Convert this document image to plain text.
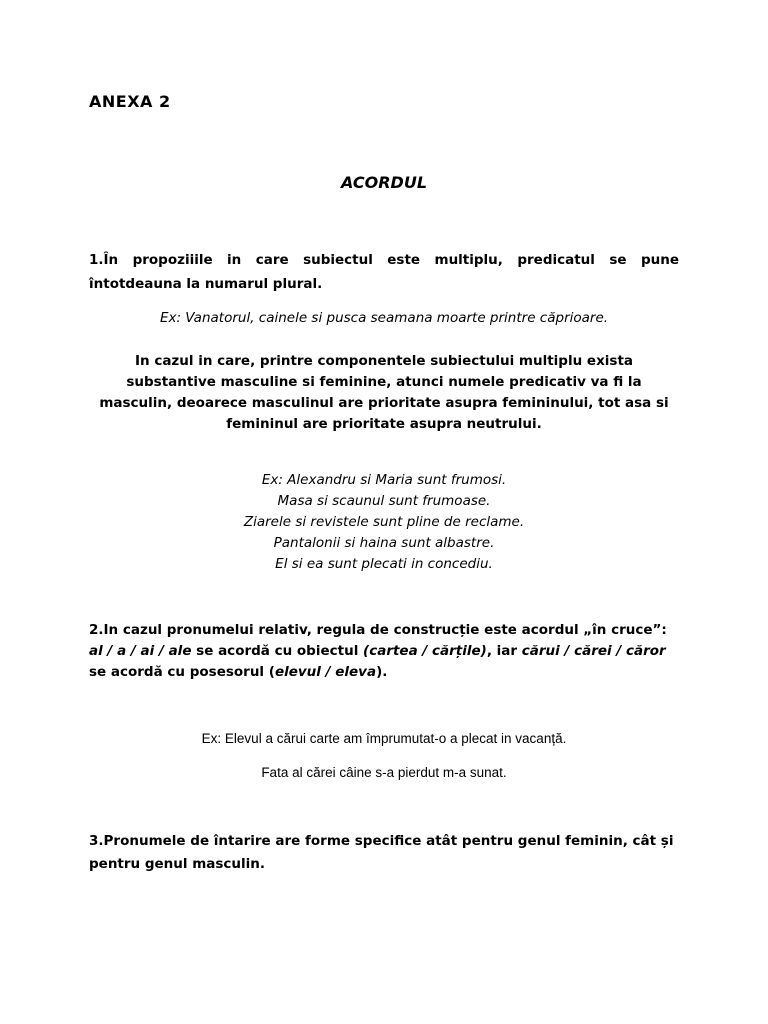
ANEXA 2
ACORDUL
1.În propoziiile in care subiectul este multiplu, predicatul se pune întotdeauna la numarul plural.
Ex: Vanatorul, cainele si pusca seamana moarte printre căprioare.
In cazul in care, printre componentele subiectului multiplu exista substantive masculine si feminine, atunci numele predicativ va fi la masculin, deoarece masculinul are prioritate asupra femininului, tot asa si femininul are prioritate asupra neutrului.
Ex: Alexandru si Maria sunt frumosi.
Masa si scaunul sunt frumoase.
Ziarele si revistele sunt pline de reclame.
Pantalonii si haina sunt albastre.
El si ea sunt plecati in concediu.
2.In cazul pronumelui relativ, regula de construcție este acordul „în cruce”:
al / a / ai / ale se acordă cu obiectul (cartea / cărțile), iar cărui / cărei / căror se acordă cu posesorul (elevul / eleva).
Ex: Elevul a cărui carte am împrumutat-o a plecat in vacanță.
Fata al cărei câine s-a pierdut m-a sunat.
3.Pronumele de întarire are forme specifice atât pentru genul feminin, cât și pentru genul masculin.
